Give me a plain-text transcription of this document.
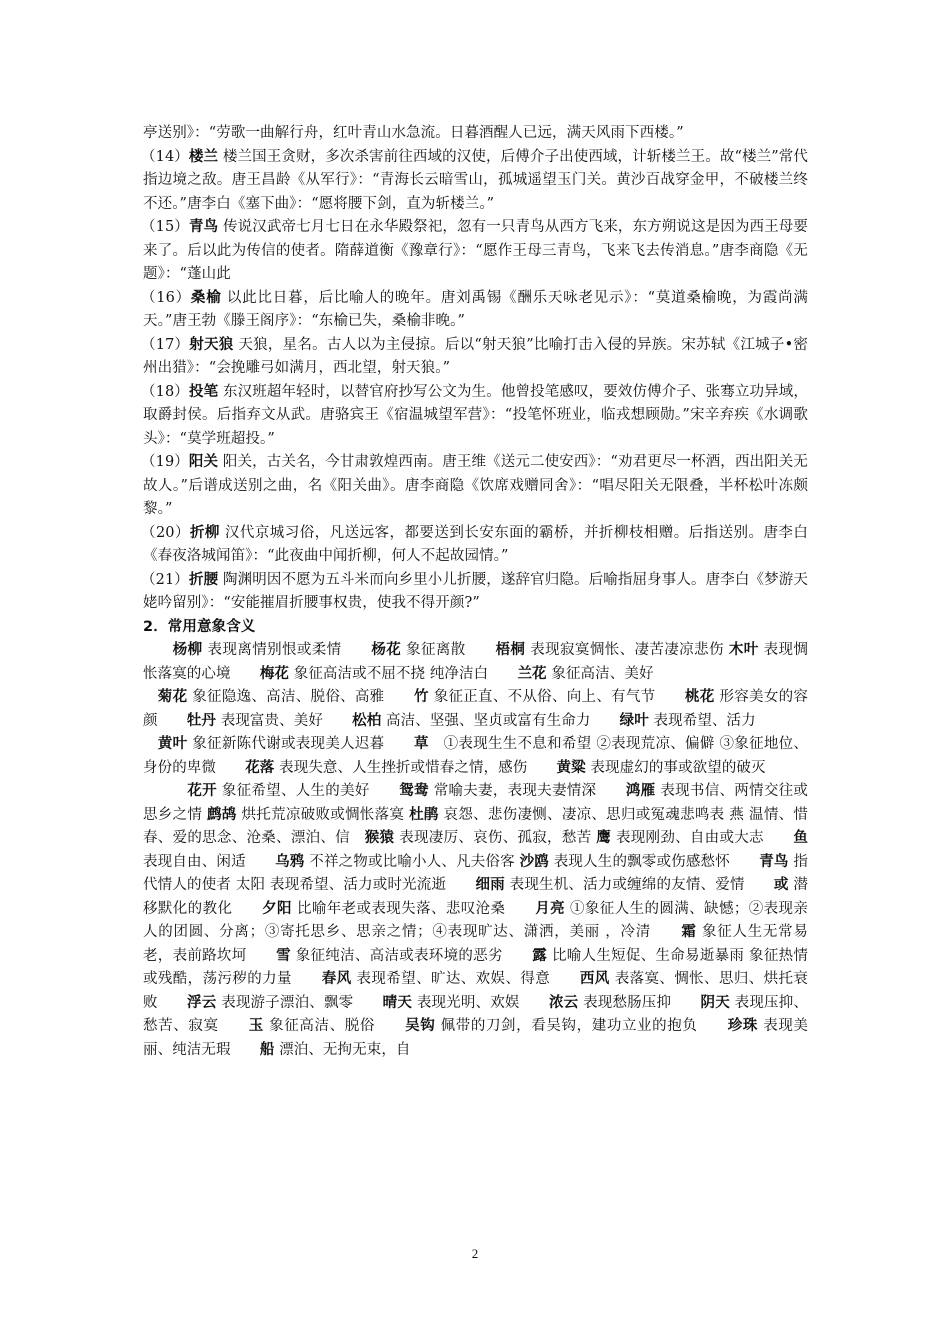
亭送别》：“劳歌一曲解行舟，红叶青山水急流。日暮酒醒人已远，满天风雨下西楼。”

（14）楼兰 楼兰国王贪财，多次杀害前往西域的汉使，后傅介子出使西域，计斩楼兰王。故“楼兰”常代指边境之敌。唐王昌龄《从军行》：“青海长云暗雪山，孤城遥望玉门关。黄沙百战穿金甲，不破楼兰终不还。”唐李白《塞下曲》：“愿将腰下剑，直为斩楼兰。”

（15）青鸟 传说汉武帝七月七日在永华殿祭祀，忽有一只青鸟从西方飞来，东方朔说这是因为西王母要来了。后以此为传信的使者。隋薛道衡《豫章行》：“愿作王母三青鸟，飞来飞去传消息。”唐李商隐《无题》：“蓬山此

（16）桑榆 以此比日暮，后比喻人的晚年。唐刘禹锡《酬乐天咏老见示》：“莫道桑榆晚，为霞尚满天。”唐王勃《滕王阁序》：“东榆已失，桑榆非晚。”

（17）射天狼 天狼，星名。古人以为主侵掠。后以“射天狼”比喻打击入侵的异族。宋苏轼《江城子•密州出猎》：“会挽雕弓如满月，西北望，射天狼。”

（18）投笔 东汉班超年轻时，以替官府抄写公文为生。他曾投笔感叹，要效仿傅介子、张骞立功异域，取爵封侯。后指弃文从武。唐骆宾王《宿温城望军营》：“投笔怀班业，临戎想顾勋。”宋辛弃疾《水调歌头》：“莫学班超投。”

（19）阳关 阳关，古关名，今甘肃敦煌西南。唐王维《送元二使安西》：“劝君更尽一杯酒，西出阳关无故人。”后谱成送别之曲，名《阳关曲》。唐李商隐《饮席戏赠同舍》：“唱尽阳关无限叠，半杯松叶冻颇黎。”

（20）折柳 汉代京城习俗，凡送远客，都要送到长安东面的霸桥，并折柳枝相赠。后指送别。唐李白《春夜洛城闻笛》：“此夜曲中闻折柳，何人不起故园情。”

（21）折腰 陶渊明因不愿为五斗米而向乡里小儿折腰，遂辞官归隐。后喻指屈身事人。唐李白《梦游天姥吟留别》：“安能摧眉折腰事权贵，使我不得开颜?”

2．常用意象含义

　　杨柳 表现离情别恨或柔情　　杨花 象征离散　　梧桐 表现寂寞惆怅、凄苦凄凉悲伤 木叶 表现惆怅落寞的心境　　梅花 象征高洁或不屈不挠 纯净洁白　　兰花 象征高洁、美好

　菊花 象征隐逸、高洁、脱俗、高雅　　竹 象征正直、不从俗、向上、有气节　　桃花 形容美女的容颜　　牡丹 表现富贵、美好　　松柏 高洁、坚强、坚贞或富有生命力　　绿叶 表现希望、活力

　黄叶 象征新陈代谢或表现美人迟暮　　草　①表现生生不息和希望 ②表现荒凉、偏僻 ③象征地位、身份的卑微　　花落 表现失意、人生挫折或惜春之情，感伤　　黄粱 表现虚幻的事或欲望的破灭

　　　花开 象征希望、人生的美好　　鸳鸯 常喻夫妻，表现夫妻情深　　鸿雁 表现书信、两情交往或思乡之情 鹧鸪 烘托荒凉破败或惆怅落寞 杜鹃 哀怨、悲伤凄恻、凄凉、思归或冤魂悲鸣表 燕 温情、惜春、爱的思念、沧桑、漂泊、信　猴猿 表现凄厉、哀伤、孤寂，愁苦 鹰 表现刚劲、自由或大志　　鱼 表现自由、闲适　　乌鸦 不祥之物或比喻小人、凡夫俗客 沙鸥 表现人生的飘零或伤感愁怀　　青鸟 指代情人的使者 太阳 表现希望、活力或时光流逝　　细雨 表现生机、活力或缠绵的友情、爱情　　或 潜移默化的教化　　夕阳 比喻年老或表现失落、悲叹沧桑　　月亮 ①象征人生的圆满、缺憾；②表现亲人的团圆、分离；③寄托思乡、思亲之情；④表现旷达、潇洒，美丽 ，冷清　　霜 象征人生无常易老，表前路坎坷　　雪 象征纯洁、高洁或表环境的恶劣　　露 比喻人生短促、生命易逝暴雨 象征热情或残酷，荡污秽的力量　　春风 表现希望、旷达、欢娱、得意　　西风 表落寞、惆怅、思归、烘托衰败　　浮云 表现游子漂泊、飘零　　晴天 表现光明、欢娱　　浓云 表现愁肠压抑　　阴天 表现压抑、愁苦、寂寞　　玉 象征高洁、脱俗　　吴钩 佩带的刀剑，看吴钩，建功立业的抱负　　珍珠 表现美丽、纯洁无瑕　　船 漂泊、无拘无束，自

2
